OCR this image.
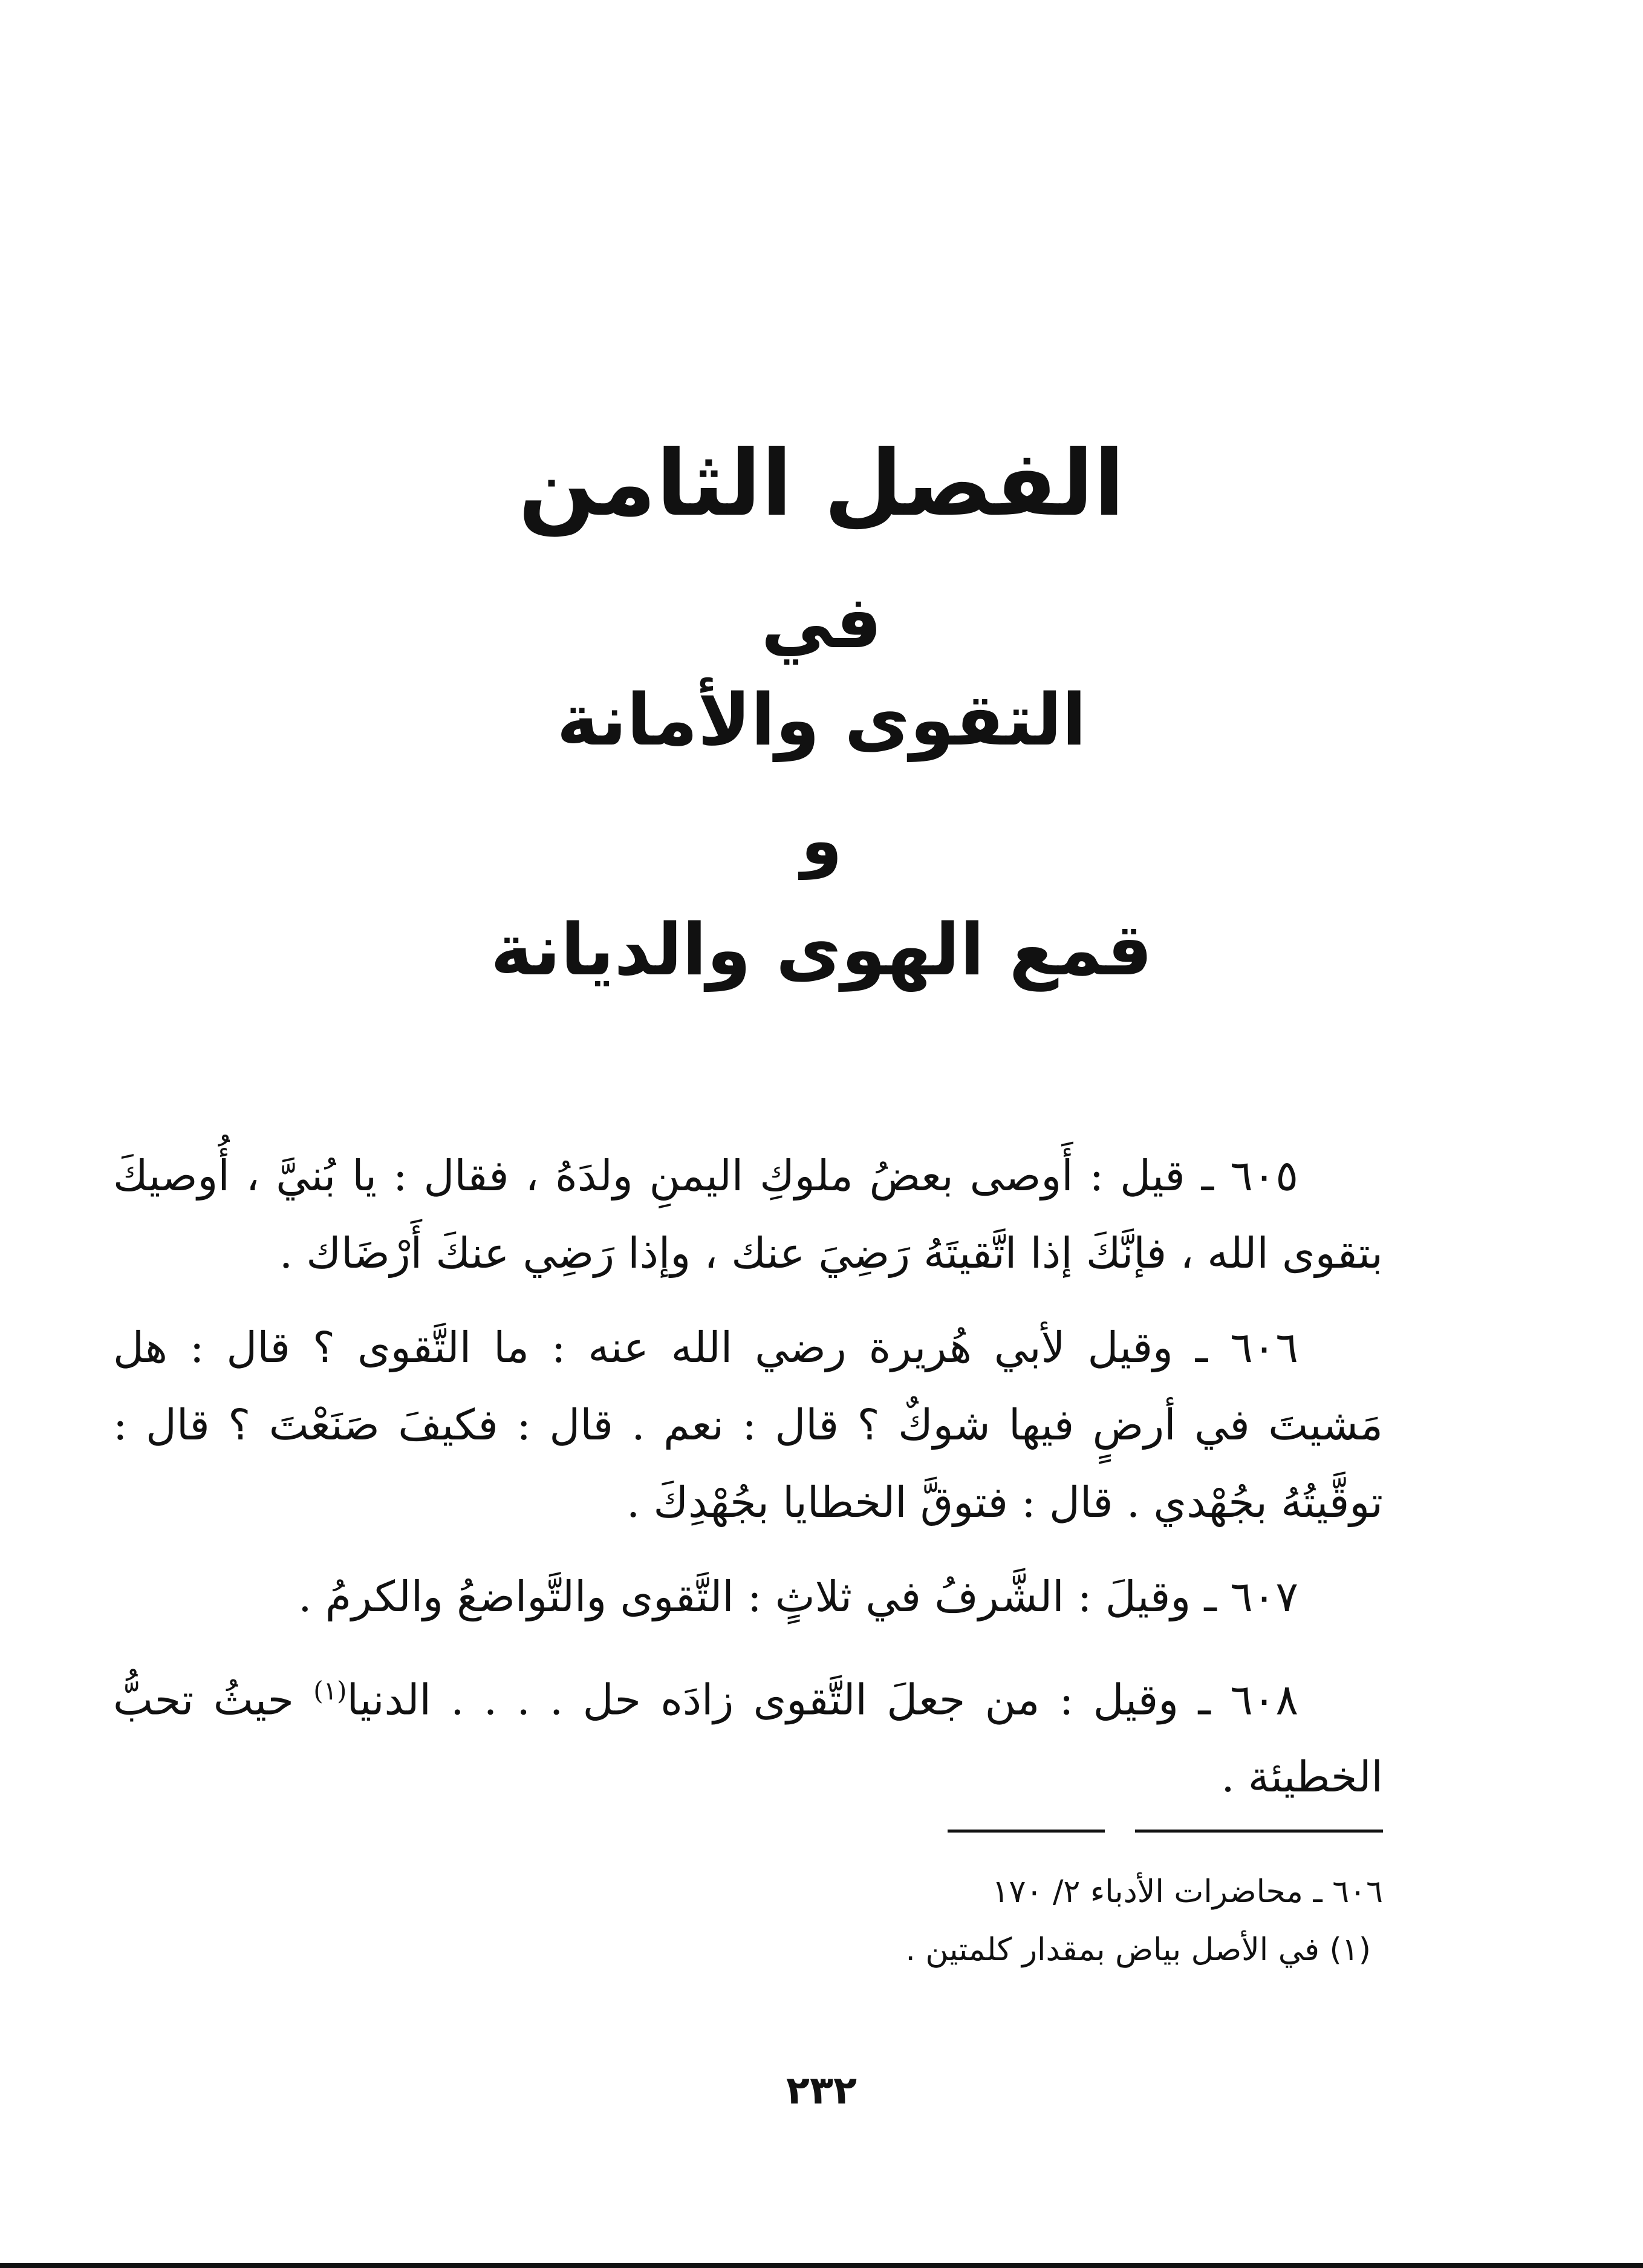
الفصل الثامن
في
التقوى والأمانة
و
قمع الهوى والديانة

٦٠٥ ـ قيل : أَوصى بعضُ ملوكِ اليمنِ ولدَهُ ، فقال : يا بُنيَّ ، أُوصيكَ بتقوى الله ، فإنَّكَ إذا اتَّقيتَهُ رَضِيَ عنك ، وإذا رَضِي عنكَ أَرْضَاك .

٦٠٦ ـ وقيل لأبي هُريرة رضي الله عنه : ما التَّقوى ؟ قال : هل مَشيتَ في أرضٍ فيها شوكٌ ؟ قال : نعم . قال : فكيفَ صَنَعْتَ ؟ قال : توقَّيتُهُ بجُهْدي . قال : فتوقَّ الخطايا بجُهْدِكَ .

٦٠٧ ـ وقيلَ : الشَّرفُ في ثلاثٍ : التَّقوى والتَّواضعُ والكرمُ .

٦٠٨ ـ وقيل : من جعلَ التَّقوى زادَه حل . . . . الدنيا$^{(١)}$ حيثُ تحبُّ الخطيئة .

٦٠٦ ـ محاضرات الأدباء ٢/ ١٧٠

(١) في الأصل بياض بمقدار كلمتين .

٢٣٢
